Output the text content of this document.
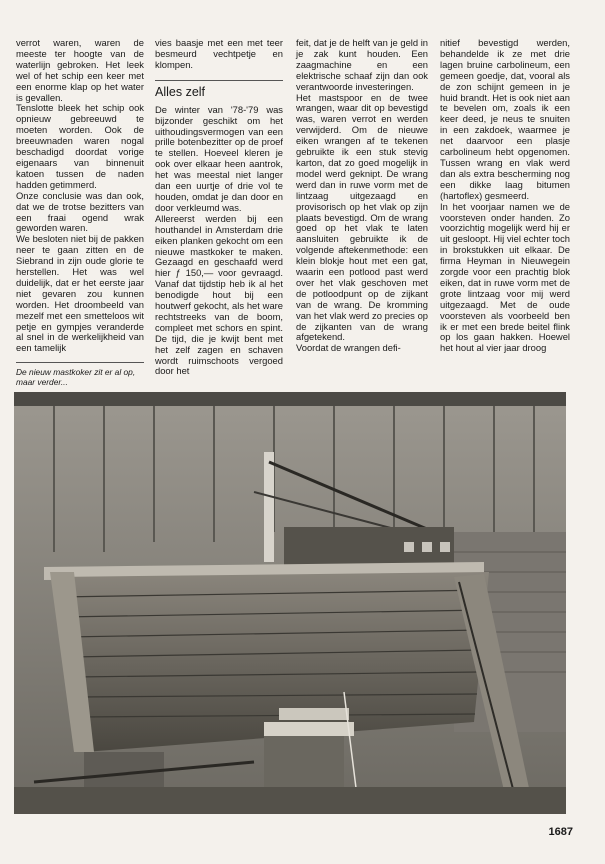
verrot waren, waren de meeste ter hoogte van de waterlijn gebroken. Het leek wel of het schip een keer met een enorme klap op het water is gevallen.

Tenslotte bleek het schip ook opnieuw gebreeuwd te moeten worden. Ook de breeuwnaden waren nogal beschadigd doordat vorige eigenaars van binnenuit katoen tussen de naden hadden getimmerd.

Onze conclusie was dan ook, dat we de trotse bezitters van een fraai ogend wrak geworden waren.

We besloten niet bij de pakken neer te gaan zitten en de Siebrand in zijn oude glorie te herstellen. Het was wel duidelijk, dat er het eerste jaar niet gevaren zou kunnen worden. Het droombeeld van mezelf met een smetteloos wit petje en gympjes veranderde al snel in de werkelijkheid van een tamelijk

De nieuw mastkoker zit er al op, maar verder...

vies baasje met een met teer besmeurd vechtpetje en klompen.

Alles zelf

De winter van '78-'79 was bijzonder geschikt om het uithoudingsvermogen van een prille botenbezitter op de proef te stellen. Hoeveel kleren je ook over elkaar heen aantrok, het was meestal niet langer dan een uurtje of drie vol te houden, omdat je dan door en door verkleumd was.

Allereerst werden bij een houthandel in Amsterdam drie eiken planken gekocht om een nieuwe mastkoker te maken. Gezaagd en geschaafd werd hier ƒ 150,— voor gevraagd. Vanaf dat tijdstip heb ik al het benodigde hout bij een houtwerf gekocht, als het ware rechtstreeks van de boom, compleet met schors en spint. De tijd, die je kwijt bent met het zelf zagen en schaven wordt ruimschoots vergoed door het

feit, dat je de helft van je geld in je zak kunt houden. Een zaagmachine en een elektrische schaaf zijn dan ook verantwoorde investeringen.

Het mastspoor en de twee wrangen, waar dit op bevestigd was, waren verrot en werden verwijderd. Om de nieuwe eiken wrangen af te tekenen gebruikte ik een stuk stevig karton, dat zo goed mogelijk in model werd geknipt. De wrang werd dan in ruwe vorm met de lintzaag uitgezaagd en provisorisch op het vlak op zijn plaats bevestigd. Om de wrang goed op het vlak te laten aansluiten gebruikte ik de volgende aftekenmethode: een klein blokje hout met een gat, waarin een potlood past werd over het vlak geschoven met de potloodpunt op de zijkant van de wrang. De kromming van het vlak werd zo precies op de zijkanten van de wrang afgetekend.

Voordat de wrangen defi-

nitief bevestigd werden, behandelde ik ze met drie lagen bruine carbolineum, een gemeen goedje, dat, vooral als de zon schijnt gemeen in je huid brandt. Het is ook niet aan te bevelen om, zoals ik een keer deed, je neus te snuiten in een zakdoek, waarmee je net daarvoor een plasje carbolineum hebt opgenomen. Tussen wrang en vlak werd dan als extra bescherming nog een dikke laag bitumen (hartoflex) gesmeerd.

In het voorjaar namen we de voorsteven onder handen. Zo voorzichtig mogelijk werd hij er uit gesloopt. Hij viel echter toch in brokstukken uit elkaar. De firma Heyman in Nieuwegein zorgde voor een prachtig blok eiken, dat in ruwe vorm met de grote lintzaag voor mij werd uitgezaagd. Met de oude voorsteven als voorbeeld ben ik er met een brede beitel flink op los gaan hakken. Hoewel het hout al vier jaar droog

1687
